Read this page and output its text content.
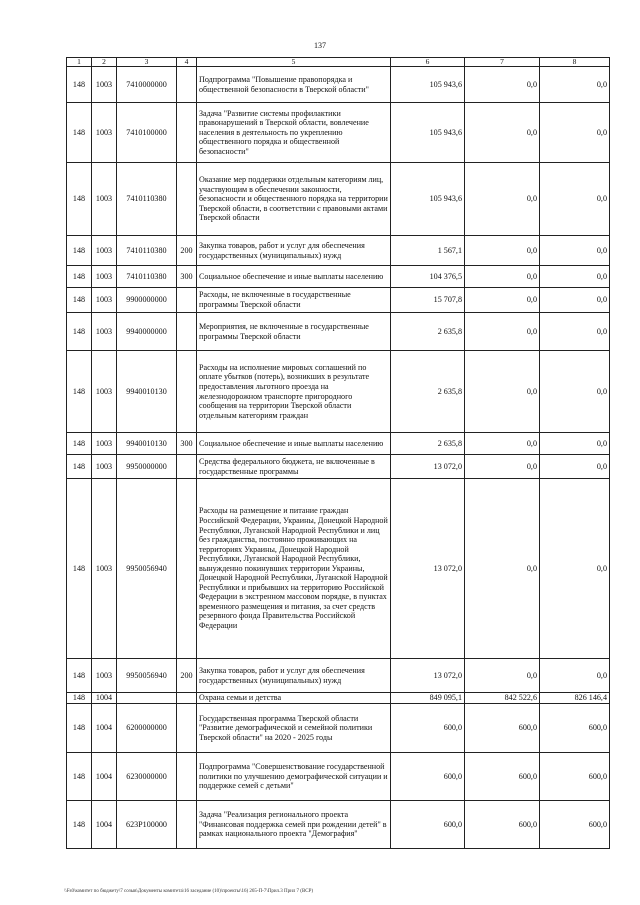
137
1	2	3	4	5	6	7	8
148	1003	7410000000		Подпрограмма "Повышение правопорядка и общественной безопасности в Тверской области"	105 943,6	0,0	0,0
148	1003	7410100000		Задача "Развитие системы профилактики правонарушений в Тверской области, вовлечение населения в деятельность по укреплению общественного порядка и общественной безопасности"	105 943,6	0,0	0,0
148	1003	7410110380		Оказание мер поддержки отдельным категориям лиц, участвующим в обеспечении законности, безопасности и общественного порядка на территории Тверской области, в соответствии с правовыми актами Тверской области	105 943,6	0,0	0,0
148	1003	7410110380	200	Закупка товаров, работ и услуг для обеспечения государственных (муниципальных) нужд	1 567,1	0,0	0,0
148	1003	7410110380	300	Социальное обеспечение и иные выплаты населению	104 376,5	0,0	0,0
148	1003	9900000000		Расходы, не включенные в государственные программы Тверской области	15 707,8	0,0	0,0
148	1003	9940000000		Мероприятия, не включенные в государственные программы Тверской области	2 635,8	0,0	0,0
148	1003	9940010130		Расходы на исполнение мировых соглашений по оплате убытков (потерь), возникших в результате предоставления льготного проезда на железнодорожном транспорте пригородного сообщения на территории Тверской области отдельным категориям граждан	2 635,8	0,0	0,0
148	1003	9940010130	300	Социальное обеспечение и иные выплаты населению	2 635,8	0,0	0,0
148	1003	9950000000		Средства федерального бюджета, не включенные в государственные программы	13 072,0	0,0	0,0
148	1003	9950056940		Расходы на размещение и питание граждан Российской Федерации, Украины, Донецкой Народной Республики, Луганской Народной Республики и лиц без гражданства, постоянно проживающих на территориях Украины, Донецкой Народной Республики, Луганской Народной Республики, вынужденно покинувших территории Украины, Донецкой Народной Республики, Луганской Народной Республики и прибывших на территорию Российской Федерации в экстренном массовом порядке, в пунктах временного размещения и питания, за счет средств резервного фонда Правительства Российской Федерации	13 072,0	0,0	0,0
148	1003	9950056940	200	Закупка товаров, работ и услуг для обеспечения государственных (муниципальных) нужд	13 072,0	0,0	0,0
148	1004			Охрана семьи и детства	849 095,1	842 522,6	826 146,4
148	1004	6200000000		Государственная программа Тверской области "Развитие демографической и семейной политики Тверской области" на 2020 - 2025 годы	600,0	600,0	600,0
148	1004	6230000000		Подпрограмма "Совершенствование государственной политики по улучшению демографической ситуации и поддержке семей с детьми"	600,0	600,0	600,0
148	1004	623P100000		Задача "Реализация регионального проекта "Финансовая поддержка семей при рождении детей" в рамках национального проекта "Демография"	600,0	600,0	600,0
\\Fs0\комитет по бюджету\7 созыв\Документы комитета\16 заседание (10)\проекты\16) 265-П-7\Прил.3 Прил 7 (ВСР)
